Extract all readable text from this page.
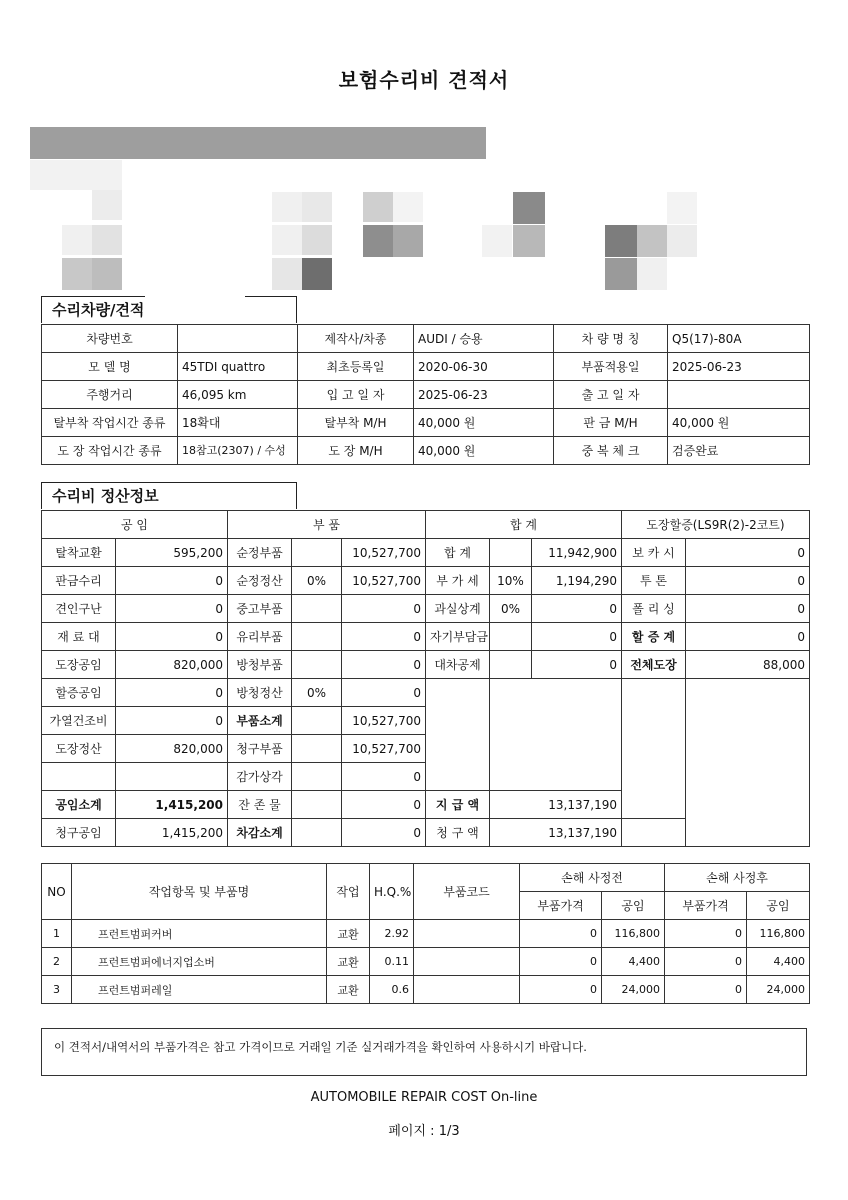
보험수리비 견적서
수리차량/견적
차량번호		제작사/차종	AUDI / 승용	차 량 명 칭	Q5(17)-80A
모 델 명	45TDI quattro	최초등록일	2020-06-30	부품적용일	2025-06-23
주행거리	46,095 km	입 고 일 자	2025-06-23	출 고 일 자	
탈부착 작업시간 종류	18확대	탈부착 M/H	40,000 원	판 금 M/H	40,000 원
도 장 작업시간 종류	18참고(2307) / 수성	도 장 M/H	40,000 원	중 복 체 크	검증완료
수리비 정산정보
공 임		부 품			합 계			도장할증(LS9R(2)-2코트)	
탈착교환	595,200	순정부품		10,527,700	합 계		11,942,900	보 카 시	0
판금수리	0	순정정산	0%	10,527,700	부 가 세	10%	1,194,290	투 톤	0
견인구난	0	중고부품		0	과실상계	0%	0	폴 리 싱	0
재 료 대	0	유리부품		0	자기부담금		0	할 증 계	0
도장공임	820,000	방청부품		0	대차공제		0	전체도장	88,000
할증공임	0	방청정산	0%	0					
가열건조비	0	부품소계		10,527,700					
도장정산	820,000	청구부품		10,527,700					
		감가상각		0					
공임소계	1,415,200	잔 존 물		0	지 급 액	13,137,190			
청구공임	1,415,200	차감소계		0	청 구 액	13,137,190			
NO	작업항목 및 부품명	작업	H.Q.%	부품코드	손해 사정전		손해 사정후	
					부품가격	공임	부품가격	공임
1	프런트범퍼커버	교환	2.92		0	116,800	0	116,800
2	프런트범퍼에너지업소버	교환	0.11		0	4,400	0	4,400
3	프런트범퍼레일	교환	0.6		0	24,000	0	24,000
이 견적서/내역서의 부품가격은 참고 가격이므로 거래일 기준 실거래가격을 확인하여 사용하시기 바랍니다.
AUTOMOBILE REPAIR COST On-line
페이지 : 1/3
